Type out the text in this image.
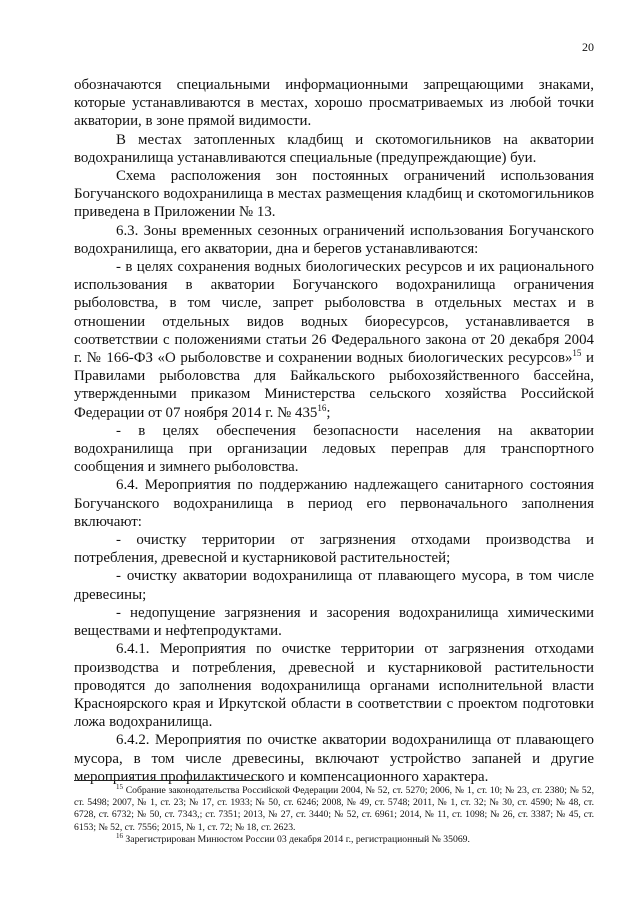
20

обозначаются специальными информационными запрещающими знаками, которые устанавливаются в местах, хорошо просматриваемых из любой точки акватории, в зоне прямой видимости.

В местах затопленных кладбищ и скотомогильников на акватории водохранилища устанавливаются специальные (предупреждающие) буи.

Схема расположения зон постоянных ограничений использования Богучанского водохранилища в местах размещения кладбищ и скотомогильников приведена в Приложении № 13.

6.3. Зоны временных сезонных ограничений использования Богучанского водохранилища, его акватории, дна и берегов устанавливаются:

- в целях сохранения водных биологических ресурсов и их рационального использования в акватории Богучанского водохранилища ограничения рыболовства, в том числе, запрет рыболовства в отдельных местах и в отношении отдельных видов водных биоресурсов, устанавливается в соответствии с положениями статьи 26 Федерального закона от 20 декабря 2004 г. № 166-ФЗ «О рыболовстве и сохранении водных биологических ресурсов»$^{15}$ и Правилами рыболовства для Байкальского рыбохозяйственного бассейна, утвержденными приказом Министерства сельского хозяйства Российской Федерации от 07 ноября 2014 г. № $435^{16}$;

- в целях обеспечения безопасности населения на акватории водохранилища при организации ледовых переправ для транспортного сообщения и зимнего рыболовства.

6.4. Мероприятия по поддержанию надлежащего санитарного состояния Богучанского водохранилища в период его первоначального заполнения включают:

- очистку территории от загрязнения отходами производства и потребления, древесной и кустарниковой растительностей;

- очистку акватории водохранилища от плавающего мусора, в том числе древесины;

- недопущение загрязнения и засорения водохранилища химическими веществами и нефтепродуктами.

6.4.1. Мероприятия по очистке территории от загрязнения отходами производства и потребления, древесной и кустарниковой растительности проводятся до заполнения водохранилища органами исполнительной власти Красноярского края и Иркутской области в соответствии с проектом подготовки ложа водохранилища.

6.4.2. Мероприятия по очистке акватории водохранилища от плавающего мусора, в том числе древесины, включают устройство запаней и другие мероприятия профилактического и компенсационного характера.

$^{15}$ Собрание законодательства Российской Федерации 2004, № 52, ст. 5270; 2006, № 1, ст. 10; № 23, ст. 2380; № 52, ст. 5498; 2007, № 1, ст. 23; № 17, ст. 1933; № 50, ст. 6246; 2008, № 49, ст. 5748; 2011, № 1, ст. 32; № 30, ст. 4590; № 48, ст. 6728, ст. 6732; № 50, ст. 7343,; ст. 7351; 2013, № 27, ст. 3440; № 52, ст. 6961; 2014, № 11, ст. 1098; № 26, ст. 3387; № 45, ст. 6153; № 52, ст. 7556; 2015, № 1, ст. 72; № 18, ст. 2623.

$^{16}$ Зарегистрирован Минюстом России 03 декабря 2014 г., регистрационный № 35069.
